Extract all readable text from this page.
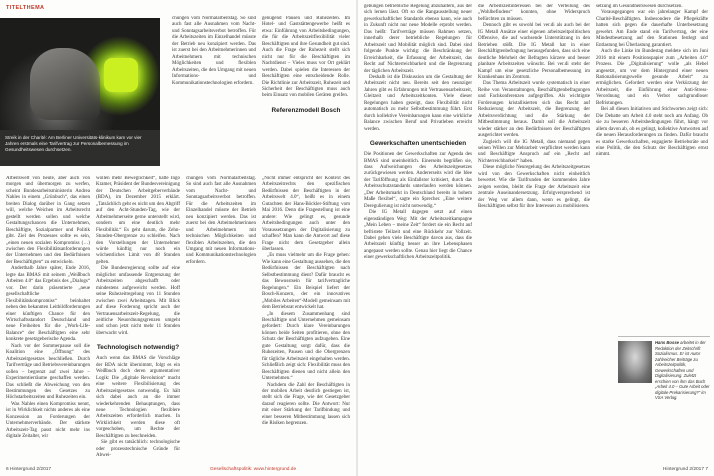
TITELTHEMA
Streik in der Charité: Am Berliner Universitäts-klinikum kam vor vier Jahren erstmals eine Tarifvertrag zur Personalbemessung im Gesundheitswesen durchsetzen.

chungen vom Normalarbeitstag. So sind auch fast alle Ausnahmen vom Nacht- und Sonntagsarbeitsverbot betroffen. Für die Arbeitszeiten im Einzelhandel müsste der Betrieb neu konzipiert werden. Das ist zuerst bei den Arbeitnehmerinnen und Arbeitnehmern mit technischen Möglichkeiten und flexiblen Arbeitszeiten, die den Umgang mit neuen Informations- und Kommunikationstechnologien erfordern.

genügend Pausen und Ruhezeiten. Im Hotel- und Gaststättengewerbe heißt es etwa: Einführung von Arbeitsbedingungen, die für die Arbeitszeitflexibilität vieler Beschäftigten und ihre Gesundheit gut sind. Auch die Frage der Ruhezeit stellt sich nicht nur für die Beschäftigten im Nachtdienst – Vieles muss vor Ort geklärt werden. Dabei spielen die Interessen der Beschäftigten eine entscheidende Rolle. Die Richtlinie zur Arbeitszeit, Ruhezeit und Sicherheit der Beschäftigten muss auch beim Einsatz von mobilen Geräten greifen.

Referenzmodell Bosch

Arbeitswelt von heute, aber auch von morgen und übermorgen zu werfen, scheint Bundesarbeitsministerin Andrea Nahles in einem „Grünbuch“, das einen breiten Dialog darüber in Gang setzen will, welche Weichen im Arbeitsrecht gestellt werden sollen und welche Gestaltungschancen die Unternehmen, Beschäftigte, Sozialpartner und Politik gibt. Ziel des Prozesses sollte es sein, „einen neuen sozialen Kompromiss (…) zwischen den Flexibilitätsanforderungen der Unternehmen und den Bedürfnissen der Beschäftigten“ zu entwickeln.

Anderthalb Jahre später, Ende 2016, legte das BMAS mit seinem „Weißbuch Arbeiten 4.0“ das Ergebnis des „Dialogs“ vor. Der darin präsentierte „neue gesellschaftliche Flexibilitätskompromiss“ beinhaltet neben den bekannten Leitbildforderungen einer künftigen Chance für den Wirtschaftsstandort Deutschland und neue Freiheiten für die „Work-Life-Balance“ der Beschäftigten eine sehr konkrete gesetzgeberische Agenda.

Nach vor der Sommerpause soll die Koalition eine „Öffnung“ des Arbeitszeitgesetzes beschließen. Durch Tarifverträge und Betriebsvereinbarungen sollen – begrenzt auf zwei Jahre – Experimentierräume geschaffen werden. Das schließt die Abweichung von den Bestimmungen des Gesetzes zu Höchstarbeitszeiten und Ruhezeiten ein.

Was Nahles einen Kompromiss nennt, ist in Wirklichkeit nichts anderes als eine Konzession an Forderungen der Unternehmerverbände. Der stärkste Arbeitszeit-Tag passt nicht mehr ins digitale Zeitalter, wir

wollen mehr Beweglichkeit“, hatte Ingo Kramer, Präsident der Bundesvereinigung der Deutschen Arbeitgeberverbände (BDA), im Dezember 2015 erklärt. „Tatsächlich geht es nicht um den Abgriff auf den Acht-Stunden-Tag, wie der Arbeitnehmerseite gerne unterstellt wird, sondern um eine deutlich mehr Flexibilität.“ Es geht darum, die Zehn-Stunden-Obergrenze zu schleifen. Nach den Vorstellungen der Unternehmer würde künftig nur noch ein wöchentliches Limit von 48 Stunden gelten.

Die Bundesregierung sollte auf eine möglichst umfassende Entgrenzung der Arbeitszeiten abgeschafft oder mindestens aufgeweicht werden. Hoff seine Ruhezeitregelung von 11 Stunden zwischen zwei Arbeitstagen. Mit Blick auf diese Forderung spricht auch der Vertrauensarbeitszeit-Regelung, die zeitliche Neuordnungsgrenzen umgeht und schon jetzt nicht mehr 11 Stunden überwacht wird.

Technologisch notwendig?

Auch wenn das BMAS die Vorschläge der BDA nicht übernimmt, folgt es ein Weißbuch doch deren argumentativer Logik: Die „digitale Revolution“ macht eine weitere Flexibilisierung des Arbeitszeitgesetzes notwendig. Es hält sich dabei auch an die immer wiederkehrenden Behauptungen, dass neue Technologien flexiblere Arbeitszeiten erforderlich machen. In Wirklichkeit werden diese oft vorgeschoben, um Rechte der Beschäftigten zu beschneiden.

Sie gibt es tatsächlich: technologische oder prozesstechnische Gründe für Abwei-

„Nicht immer entspricht der Kontext des Arbeitszeitrechts den spezifischen Bedürfnissen der Beschäftigten in der Arbeitswelt 4.0“, heißt es in einem Gutachten der Hans-Böckler-Stiftung vom Mai 2016. Denn die Fragestellung ist eine andere: Wie gelingt es, gesunde Arbeitsbedingungen auch unter den Voraussetzungen der Digitalisierung zu schaffen? Man kann die Antwort auf diese Frage nicht dem Gesetzgeber allein überlassen.

„Es muss vielmehr um die Frage gehen: Wie kann eine Gestaltung aussehen, die den Bedürfnissen der Beschäftigten nach Selbstbestimmung dient? Dafür braucht es das Bewusstsein für tarifvertragliche Regelungen.“ Ein Beispiel liefert der Bosch-Konzern, der ein innovatives „Mobiles Arbeiten“-Modell gemeinsam mit dem Betriebsrat entwickelt hat.

„In diesem Zusammenhang sind Beschäftigte und Unternehmen gemeinsam gefordert: Durch klare Vereinbarungen können beide Seiten profitieren, ohne den Schutz der Beschäftigten aufzugeben. Eine gute Gestaltung sorgt dafür, dass die Ruhezeiten, Pausen und die Obergrenzen für tägliche Arbeitszeit eingehalten werden. Schließlich zeigt sich: Flexibilität muss den Beschäftigten dienen und nicht allein den Unternehmen.“

Nachdem die Zahl der Beschäftigten in der mobilen Arbeit deutlich gestiegen ist, stellt sich die Frage, wie der Gesetzgeber darauf reagieren sollte. Die Antwort: Nur mit einer Stärkung der Tarifbindung und einer besseren Mitbestimmung lassen sich die Risiken begrenzen.

chungen vom Normalarbeitstag. So sind auch fast alle Ausnahmen vom Nacht- und Sonntagsarbeitsverbot betroffen. Für die Arbeitszeiten im Einzelhandel müsste der Betrieb neu konzipiert werden. Das ist zuerst bei den Arbeitnehmerinnen und Arbeitnehmern mit technischen Möglichkeiten und flexiblen Arbeitszeiten, die den Umgang mit neuen Informations- und Kommunikationstechnologien erfordern.

6 Hintergrund 2/2017	Gesellschaftspolitik: www.hintergrund.de

gebungen betriebliche Regelung abzuhaltern, aus der sich lernen lässt. Oft so die Rangausstellung neuer gewerkschaftlicher Standards ebenso kann, wie auch in Zukunft nicht nur neue Modelle erprobt werden. Das heißt: Tarifverträge müssen Rahmen setzen, innerhalb derer betriebliche Regelungen für Arbeitszeit und Mobilität möglich sind. Dabei sind folgende Punkte wichtig: die Beschränkung der Erreichbarkeit, die Erfassung der Arbeitszeit, das Recht auf Nichterreichbarkeit und die Begrenzung der täglichen Arbeitszeit.

Deshalb ist die Diskussion um die Gestaltung der Arbeitszeit nicht neu. Bereits seit den neunziger Jahren gibt es Erfahrungen mit Vertrauensarbeitszeit, Gleitzeit und Arbeitszeitkonten. Viele dieser Regelungen haben gezeigt, dass Flexibilität nicht automatisch zu mehr Selbstbestimmung führt. Erst durch kollektive Vereinbarungen kann eine wirkliche Balance zwischen Beruf und Privatleben erreicht werden.

Gewerkschaften unentschieden

Die Positionen der Gewerkschaften zur Agenda des BMAS sind uneinheitlich. Einerseits begrüßen sie, dass Aufweichungen des Arbeitszeitgesetzes zurückgewiesen werden. Andererseits wird die Idee der Tariföffnung als Einfallstor kritisiert, durch das Arbeitsschutzstandards unterlaufen werden können. „Der Arbeitsmarkt in Deutschland bereits in hohem Maße flexibel“, sagte ein Sprecher. „Eine weitere Deregulierung ist nicht notwendig.“

Die IG Metall dagegen setzt auf einen eigenständigen Weg: Mit der Arbeitszeitkampagne „Mein Leben – meine Zeit“ fordert sie ein Recht auf befristete Teilzeit und eine Rückkehr zur Vollzeit. Dabei gehen viele Beschäftigte davon aus, dass die Arbeitszeit künftig besser an ihre Lebensphasen angepasst werden sollte. Genau hier liegt die Chance einer gewerkschaftlichen Arbeitszeitpolitik.

die Arbeitszeitinteressen bei der Verteilung des „Wohlbefindens“ konnten, ohne Widerspruch befürchten zu müssen.

Dennoch gibt es sowohl bei ver.di als auch bei der IG Metall Ansätze einer eigenen arbeitszeitpolitischen Offensive, die auf wachsende Unterstützung in den Betrieben stößt. Die IG Metall hat in einer Beschäftigtenbefragung herausgefunden, dass sich eine deutliche Mehrheit der Befragten kürzere und besser planbare Arbeitszeiten wünscht. Bei ver.di steht der Kampf um eine gesetzliche Personalbemessung im Krankenhaus im Zentrum.

Das Thema Arbeitszeit wurde systematisch in einer Reihe von Veranstaltungen, Beschäftigtenbefragungen und Fachkonferenzen aufgegriffen. Als wichtigste Forderungen kristallisierten sich das Recht auf Reduzierung der Arbeitszeit, die Begrenzung der Arbeitsverdichtung und die Stärkung der Mitbestimmung heraus. Damit soll die Arbeitszeit wieder stärker an den Bedürfnissen der Beschäftigten ausgerichtet werden.

Zugleich will die IG Metall, dass niemand gegen seinen Willen zur Mehrarbeit verpflichtet werden kann und Beschäftigte Anspruch auf ein „Recht auf Nichterreichbarkeit“ haben.

Diese mögliche Neuregelung des Arbeitszeitgesetzes wird von den Gewerkschaften nicht einheitlich bewertet. Wie die Tarifrunden der kommenden Jahre zeigen werden, bleibt die Frage der Arbeitszeit eine zentrale Auseinandersetzung. Erfolgversprechend ist der Weg vor allem dann, wenn es gelingt, die Beschäftigten selbst für ihre Interessen zu mobilisieren.

setzung im Gesundheitswesen durchsetzen.

Vorausgegangen war ein jahrelanger Kampf der Charité-Beschäftigten. Insbesondere die Pflegekräfte hatten sich gegen die dauerhafte Unterbesetzung gewehrt. Am Ende stand ein Tarifvertrag, der eine Mindestbesetzung auf den Stationen festlegt und Entlastung bei Überlastung garantiert.

Auch die Linke im Bundestag meldete sich im Juni 2016 mit einem Positionspapier zum „Arbeiten 4.0“ Prozess. Die „Digitalisierung“ wolle „als Hebel angesetzt, um vor dem Hintergrund einer neuen Rationalisierungswelle gesunde Arbeit“ zu ermöglichen. Gefordert werden eine Verkürzung der Arbeitszeit, die Einführung einer Anti-Stress-Verordnung und ein Verbot sachgrundloser Befristungen.

Bei all diesen Initiativen und Stichworten zeigt sich: Die Debatte um Arbeit 4.0 steht noch am Anfang. Ob sie zu besseren Arbeitsbedingungen führt, hängt vor allem davon ab, ob es gelingt, kollektive Antworten auf die neuen Herausforderungen zu finden. Dafür braucht es starke Gewerkschaften, engagierte Betriebsräte und eine Politik, die den Schutz der Beschäftigten ernst nimmt.

Hans Bosse arbeitet in der Redaktion der Zeitschrift Sozialismus. Er ist Autor zahlreicher Beiträge zu Arbeitszeitpolitik, Gewerkschaften und Digitalisierung. Zuletzt erschien von ihm das Buch „Arbeit 4.0 – Gute Arbeit oder digitale Prekarisierung?“ im VSA Verlag.
Hintergrund 2/2017 7
